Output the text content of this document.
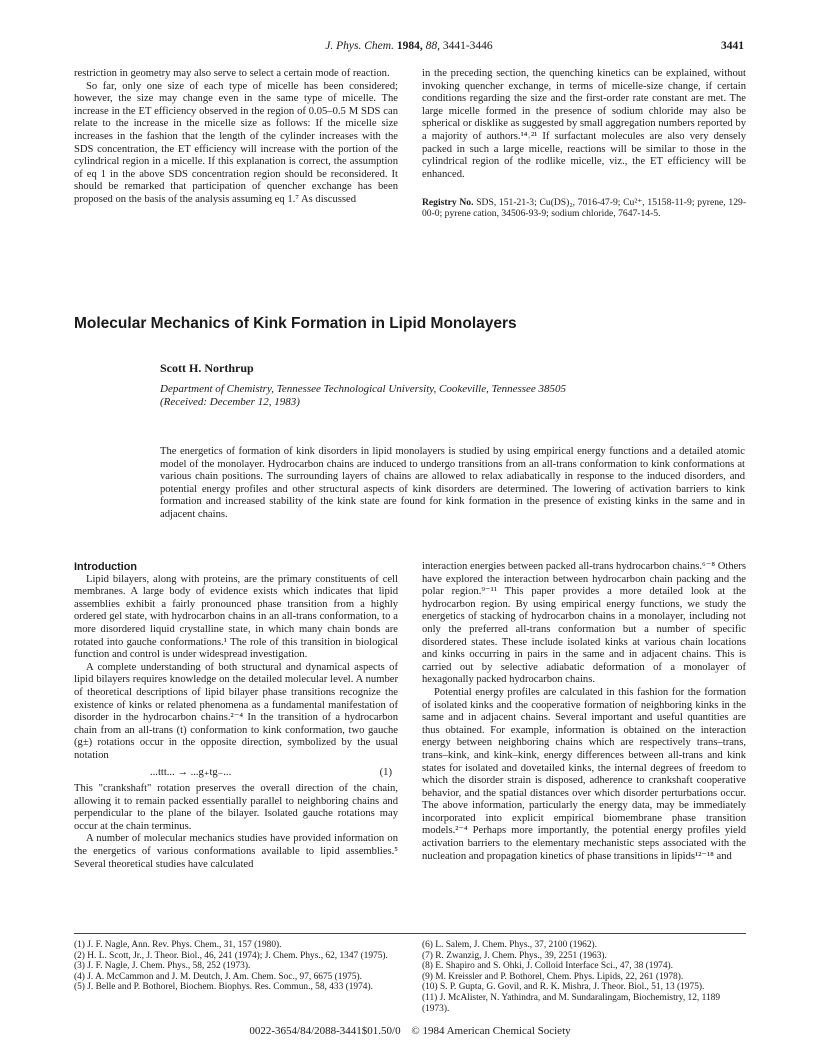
J. Phys. Chem. 1984, 88, 3441-3446	3441

restriction in geometry may also serve to select a certain mode of reaction.

So far, only one size of each type of micelle has been considered; however, the size may change even in the same type of micelle. The increase in the ET efficiency observed in the region of 0.05–0.5 M SDS can relate to the increase in the micelle size as follows: If the micelle size increases in the fashion that the length of the cylinder increases with the SDS concentration, the ET efficiency will increase with the portion of the cylindrical region in a micelle. If this explanation is correct, the assumption of eq 1 in the above SDS concentration region should be reconsidered. It should be remarked that participation of quencher exchange has been proposed on the basis of the analysis assuming eq 1.⁷ As discussed

in the preceding section, the quenching kinetics can be explained, without invoking quencher exchange, in terms of micelle-size change, if certain conditions regarding the size and the first-order rate constant are met. The large micelle formed in the presence of sodium chloride may also be spherical or disklike as suggested by small aggregation numbers reported by a majority of authors.¹⁴˒²¹ If surfactant molecules are also very densely packed in such a large micelle, reactions will be similar to those in the cylindrical region of the rodlike micelle, viz., the ET efficiency will be enhanced.

Registry No. SDS, 151-21-3; Cu(DS)₂, 7016-47-9; Cu²⁺, 15158-11-9; pyrene, 129-00-0; pyrene cation, 34506-93-9; sodium chloride, 7647-14-5.

Molecular Mechanics of Kink Formation in Lipid Monolayers
Scott H. Northrup
Department of Chemistry, Tennessee Technological University, Cookeville, Tennessee 38505
(Received: December 12, 1983)
The energetics of formation of kink disorders in lipid monolayers is studied by using empirical energy functions and a detailed atomic model of the monolayer. Hydrocarbon chains are induced to undergo transitions from an all-trans conformation to kink conformations at various chain positions. The surrounding layers of chains are allowed to relax adiabatically in response to the induced disorders, and potential energy profiles and other structural aspects of kink disorders are determined. The lowering of activation barriers to kink formation and increased stability of the kink state are found for kink formation in the presence of existing kinks in the same and in adjacent chains.
Introduction

Lipid bilayers, along with proteins, are the primary constituents of cell membranes. A large body of evidence exists which indicates that lipid assemblies exhibit a fairly pronounced phase transition from a highly ordered gel state, with hydrocarbon chains in an all-trans conformation, to a more disordered liquid crystalline state, in which many chain bonds are rotated into gauche conformations.¹ The role of this transition in biological function and control is under widespread investigation.

A complete understanding of both structural and dynamical aspects of lipid bilayers requires knowledge on the detailed molecular level. A number of theoretical descriptions of lipid bilayer phase transitions recognize the existence of kinks or related phenomena as a fundamental manifestation of disorder in the hydrocarbon chains.²⁻⁴ In the transition of a hydrocarbon chain from an all-trans (t) conformation to kink conformation, two gauche (g±) rotations occur in the opposite direction, symbolized by the usual notation

...ttt... → ...g₊tg₋...	(1)

This "crankshaft" rotation preserves the overall direction of the chain, allowing it to remain packed essentially parallel to neighboring chains and perpendicular to the plane of the bilayer. Isolated gauche rotations may occur at the chain terminus.

A number of molecular mechanics studies have provided information on the energetics of various conformations available to lipid assemblies.⁵ Several theoretical studies have calculated

interaction energies between packed all-trans hydrocarbon chains.⁶⁻⁸ Others have explored the interaction between hydrocarbon chain packing and the polar region.⁹⁻¹¹ This paper provides a more detailed look at the hydrocarbon region. By using empirical energy functions, we study the energetics of stacking of hydrocarbon chains in a monolayer, including not only the preferred all-trans conformation but a number of specific disordered states. These include isolated kinks at various chain locations and kinks occurring in pairs in the same and in adjacent chains. This is carried out by selective adiabatic deformation of a monolayer of hexagonally packed hydrocarbon chains.

Potential energy profiles are calculated in this fashion for the formation of isolated kinks and the cooperative formation of neighboring kinks in the same and in adjacent chains. Several important and useful quantities are thus obtained. For example, information is obtained on the interaction energy between neighboring chains which are respectively trans–trans, trans–kink, and kink–kink, energy differences between all-trans and kink states for isolated and dovetailed kinks, the internal degrees of freedom to which the disorder strain is disposed, adherence to crankshaft cooperative behavior, and the spatial distances over which disorder perturbations occur. The above information, particularly the energy data, may be immediately incorporated into explicit empirical biomembrane phase transition models.²⁻⁴ Perhaps more importantly, the potential energy profiles yield activation barriers to the elementary mechanistic steps associated with the nucleation and propagation kinetics of phase transitions in lipids¹²⁻¹⁸ and

(1) J. F. Nagle, Ann. Rev. Phys. Chem., 31, 157 (1980).

(2) H. L. Scott, Jr., J. Theor. Biol., 46, 241 (1974); J. Chem. Phys., 62, 1347 (1975).

(3) J. F. Nagle, J. Chem. Phys., 58, 252 (1973).

(4) J. A. McCammon and J. M. Deutch, J. Am. Chem. Soc., 97, 6675 (1975).

(5) J. Belle and P. Bothorel, Biochem. Biophys. Res. Commun., 58, 433 (1974).

(6) L. Salem, J. Chem. Phys., 37, 2100 (1962).

(7) R. Zwanzig, J. Chem. Phys., 39, 2251 (1963).

(8) E. Shapiro and S. Ohki, J. Colloid Interface Sci., 47, 38 (1974).

(9) M. Kreissler and P. Bothorel, Chem. Phys. Lipids, 22, 261 (1978).

(10) S. P. Gupta, G. Govil, and R. K. Mishra, J. Theor. Biol., 51, 13 (1975).

(11) J. McAlister, N. Yathindra, and M. Sundaralingam, Biochemistry, 12, 1189 (1973).

0022-3654/84/2088-3441$01.50/0 © 1984 American Chemical Society
